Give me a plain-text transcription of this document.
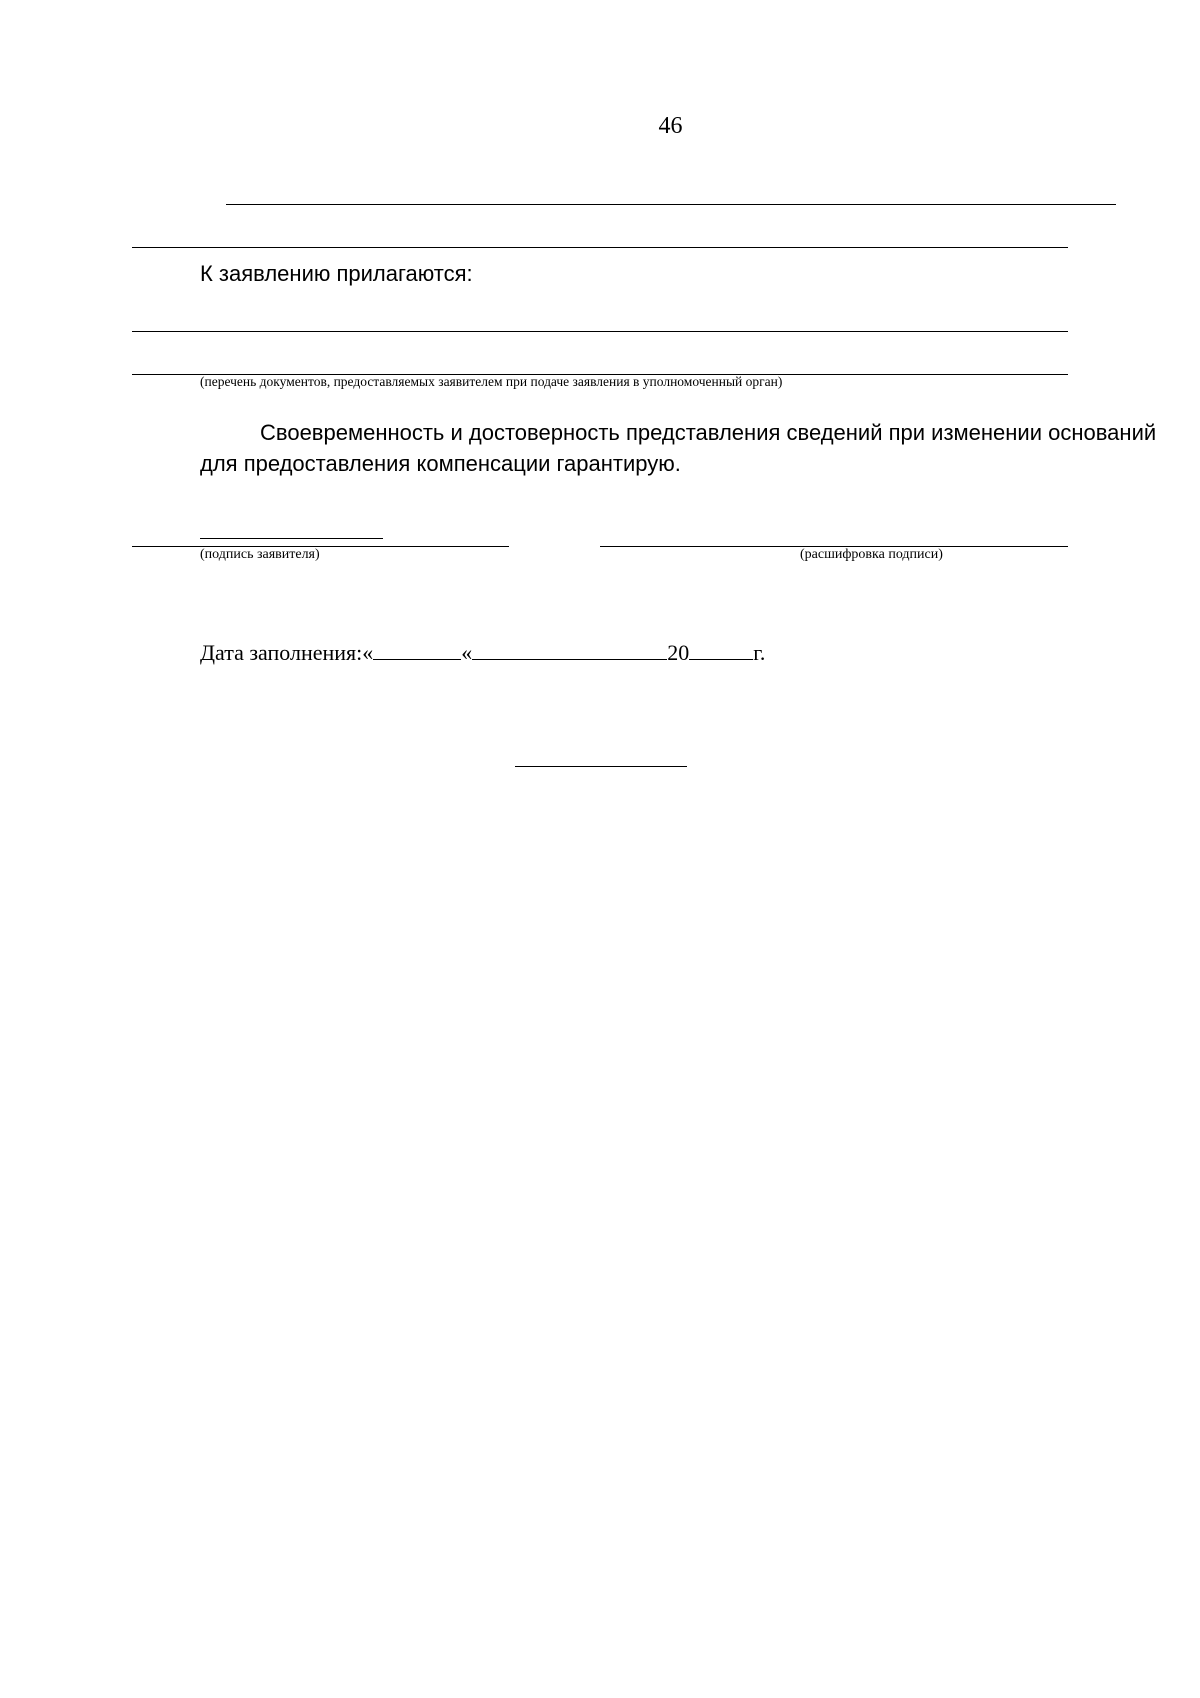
46
К заявлению прилагаются:
(перечень документов, предоставляемых заявителем при подаче заявления в уполномоченный орган)
Своевременность и достоверность представления сведений при изменении оснований для предоставления компенсации гарантирую.
(подпись заявителя)	(расшифровка подписи)
Дата заполнения:«	«	20	г.
